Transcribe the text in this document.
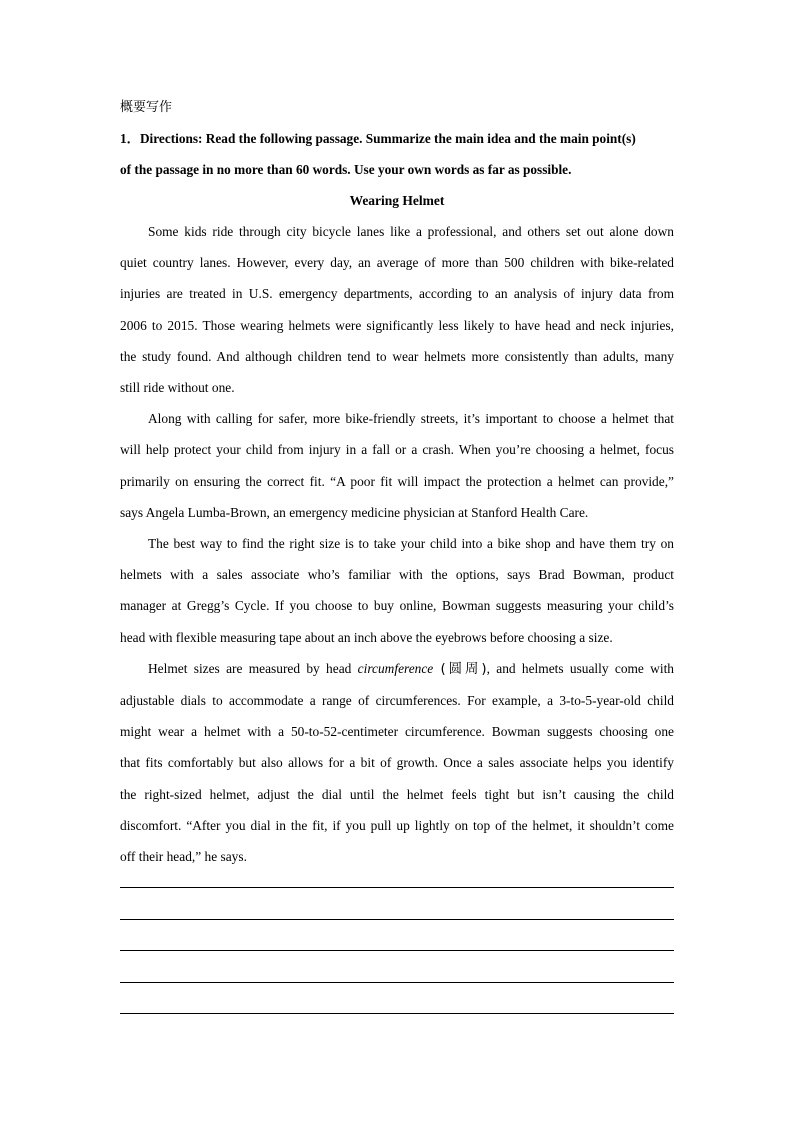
概要写作
1．Directions: Read the following passage. Summarize the main idea and the main point(s)
of the passage in no more than 60 words. Use your own words as far as possible.
Wearing Helmet
Some kids ride through city bicycle lanes like a professional, and others set out alone down
quiet country lanes. However, every day, an average of more than 500 children with bike-related
injuries are treated in U.S. emergency departments, according to an analysis of injury data from
2006 to 2015. Those wearing helmets were significantly less likely to have head and neck injuries,
the study found. And although children tend to wear helmets more consistently than adults, many
still ride without one.
Along with calling for safer, more bike-friendly streets, it’s important to choose a helmet that
will help protect your child from injury in a fall or a crash. When you’re choosing a helmet, focus
primarily on ensuring the correct fit. “A poor fit will impact the protection a helmet can provide,”
says Angela Lumba-Brown, an emergency medicine physician at Stanford Health Care.
The best way to find the right size is to take your child into a bike shop and have them try on
helmets with a sales associate who’s familiar with the options, says Brad Bowman, product
manager at Gregg’s Cycle. If you choose to buy online, Bowman suggests measuring your child’s
head with flexible measuring tape about an inch above the eyebrows before choosing a size.
Helmet sizes are measured by head circumference (圆周), and helmets usually come with
adjustable dials to accommodate a range of circumferences. For example, a 3-to-5-year-old child
might wear a helmet with a 50-to-52-centimeter circumference. Bowman suggests choosing one
that fits comfortably but also allows for a bit of growth. Once a sales associate helps you identify
the right-sized helmet, adjust the dial until the helmet feels tight but isn’t causing the child
discomfort. “After you dial in the fit, if you pull up lightly on top of the helmet, it shouldn’t come
off their head,” he says.
